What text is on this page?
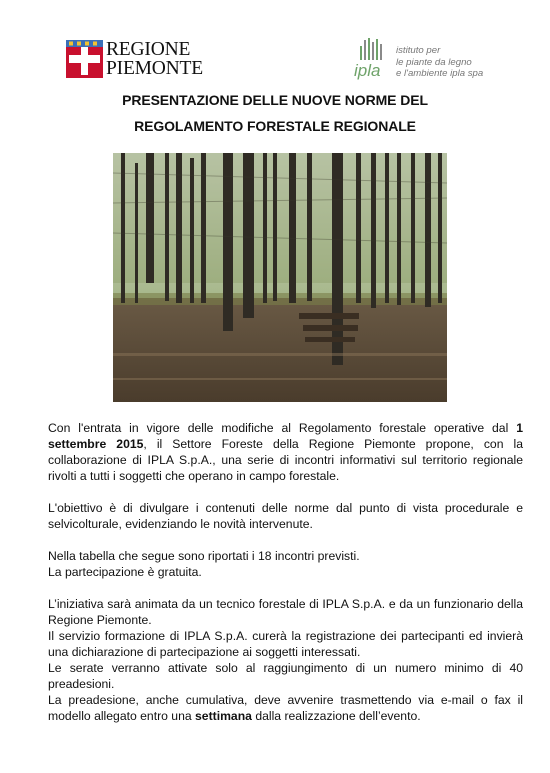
REGIONE
PIEMONTE	ipla
istituto per
le piante da legno
e l'ambiente ipla spa
PRESENTAZIONE DELLE NUOVE NORME DEL
REGOLAMENTO FORESTALE REGIONALE

Con l'entrata in vigore delle modifiche al Regolamento forestale operative dal 1 settembre 2015, il Settore Foreste della Regione Piemonte propone, con la collaborazione di IPLA S.p.A., una serie di incontri informativi sul territorio regionale rivolti a tutti i soggetti che operano in campo forestale.

L'obiettivo è di divulgare i contenuti delle norme dal punto di vista procedurale e selvicolturale, evidenziando le novità intervenute.

Nella tabella che segue sono riportati i 18 incontri previsti.

La partecipazione è gratuita.

L’iniziativa sarà animata da un tecnico forestale di IPLA S.p.A. e da un funzionario della Regione Piemonte.

Il servizio formazione di IPLA S.p.A. curerà la registrazione dei partecipanti ed invierà una dichiarazione di partecipazione ai soggetti interessati.

Le serate verranno attivate solo al raggiungimento di un numero minimo di 40 preadesioni.

La preadesione, anche cumulativa, deve avvenire trasmettendo via e-mail o fax il modello allegato entro una settimana dalla realizzazione dell’evento.
